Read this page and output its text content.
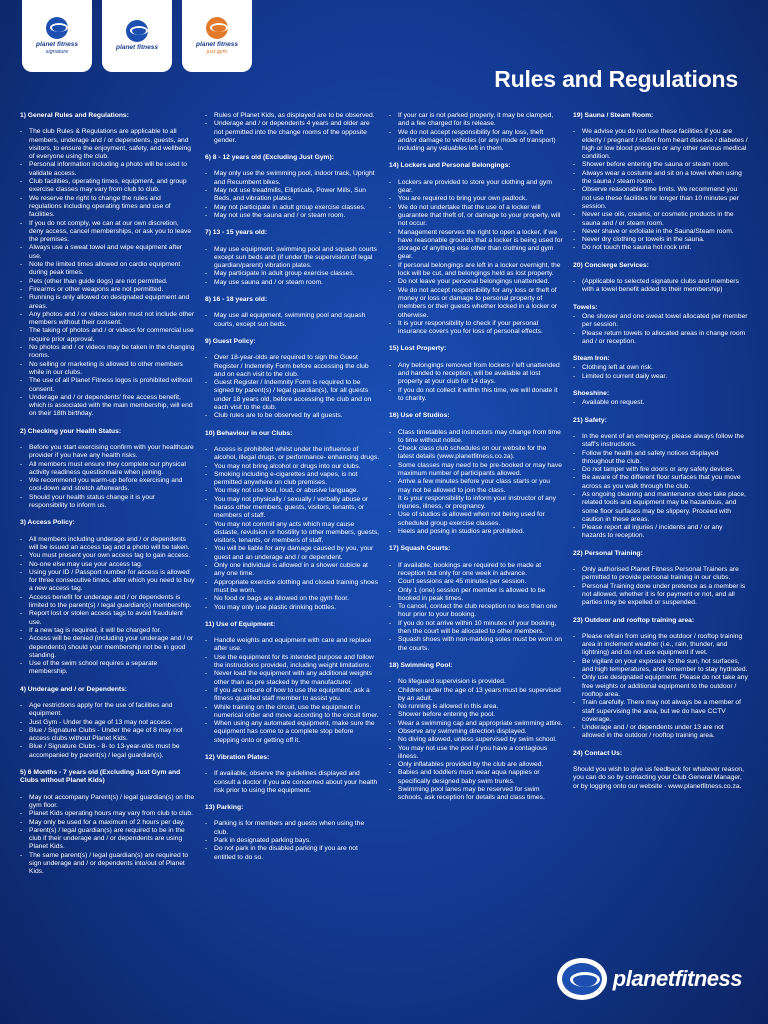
planet fitness
signature
planet fitness	planet fitness
just gym
Rules and Regulations
1) General Rules and Regulations:
- The club Rules & Regulations are applicable to all members, underage and / or dependents, guests, and visitors, to ensure the enjoyment, safety, and wellbeing of everyone using the club.
- Personal information including a photo will be used to validate access.
- Club facilities, operating times, equipment, and group exercise classes may vary from club to club.
- We reserve the right to change the rules and regulations including operating times and use of facilities.
- If you do not comply, we can at our own discretion, deny access, cancel memberships, or ask you to leave the premises.
- Always use a sweat towel and wipe equipment after use.
- Note the limited times allowed on cardio equipment during peak times.
- Pets (other than guide dogs) are not permitted.
- Firearms or other weapons are not permitted.
- Running is only allowed on designated equipment and areas.
- Any photos and / or videos taken must not include other members without their consent.
- The taking of photos and / or videos for commercial use require prior approval.
- No photos and / or videos may be taken in the changing rooms.
- No selling or marketing is allowed to other members while in our clubs.
- The use of all Planet Fitness logos is prohibited without consent.
- Underage and / or dependents' free access benefit, which is associated with the main membership, will end on their 18th birthday.
2) Checking your Health Status:
- Before you start exercising confirm with your healthcare provider if you have any health risks.
- All members must ensure they complete our physical activity readiness questionnaire when joining.
- We recommend you warm-up before exercising and cool-down and stretch afterwards.
- Should your health status change it is your responsibility to inform us.
3) Access Policy:
- All members including underage and / or dependents will be issued an access tag and a photo will be taken.
- You must present your own access tag to gain access.
- No-one else may use your access tag.
- Using your ID / Passport number for access is allowed for three consecutive times, after which you need to buy a new access tag.
- Access benefit for underage and / or dependents is limited to the parent(s) / legal guardian(s) membership.
- Report lost or stolen access tags to avoid fraudulent use.
- If a new tag is required, it will be charged for.
- Access will be denied (including your underage and / or dependents) should your membership not be in good standing.
- Use of the swim school requires a separate membership.
4) Underage and / or Dependents:
- Age restrictions apply for the use of facilities and equipment.
- Just Gym - Under the age of 13 may not access.
- Blue / Signature Clubs - Under the age of 8 may not access clubs without Planet Kids.
- Blue / Signature Clubs - 8- to 13-year-olds must be accompanied by parent(s) / legal guardian(s).
5) 6 Months - 7 years old (Excluding Just Gym and Clubs without Planet Kids)
- May not accompany Parent(s) / legal guardian(s) on the gym floor.
- Planet Kids operating hours may vary from club to club.
- May only be used for a maximum of 2 hours per day.
- Parent(s) / legal guardian(s) are required to be in the club if their underage and / or dependents are using Planet Kids.
- The same parent(s) / legal guardian(s) are required to sign underage and / or dependents into/out of Planet Kids.
- Rules of Planet Kids, as displayed are to be observed.
- Underage and / or dependents 4 years and older are not permitted into the change rooms of the opposite gender.
6) 8 - 12 years old (Excluding Just Gym):
- May only use the swimming pool, indoor track, Upright and Recumbent bikes.
- May not use treadmills, Ellipticals, Power Mills, Sun Beds, and vibration plates.
- May not participate in adult group exercise classes.
- May not use the sauna and / or steam room.
7) 13 - 15 years old:
- May use equipment, swimming pool and squash courts except sun beds and (if under the supervision of legal guardian/parent) vibration plates.
- May participate in adult group exercise classes.
- May use sauna and / or steam room.
8) 16 - 18 years old:
- May use all equipment, swimming pool and squash courts, except sun beds.
9) Guest Policy:
- Over 18-year-olds are required to sign the Guest Register / Indemnity Form before accessing the club and on each visit to the club.
- Guest Register / Indemnity Form is required to be signed by parent(s) / legal guardian(s), for all guests under 18 years old, before accessing the club and on each visit to the club.
- Club rules are to be observed by all guests.
10) Behaviour in our Clubs:
- Access is prohibited whilst under the influence of alcohol, illegal drugs, or performance- enhancing drugs.
- You may not bring alcohol or drugs into our clubs.
- Smoking including e-cigarettes and vapes, is not permitted anywhere on club premises.
- You may not use foul, loud, or abusive language.
- You may not physically / sexually / verbally abuse or harass other members, guests, visitors, tenants, or members of staff.
- You may not commit any acts which may cause distaste, revulsion or hostility to other members, guests, visitors, tenants, or members of staff.
- You will be liable for any damage caused by you, your guest and an underage and / or dependent.
- Only one individual is allowed in a shower cubicle at any one time.
- Appropriate exercise clothing and closed training shoes must be worn.
- No food or bags are allowed on the gym floor.
- You may only use plastic drinking bottles.
11) Use of Equipment:
- Handle weights and equipment with care and replace after use.
- Use the equipment for its intended purpose and follow the instructions provided, including weight limitations.
- Never load the equipment with any additional weights other than as pre stacked by the manufacturer.
- If you are unsure of how to use the equipment, ask a fitness qualified staff member to assist you.
- While training on the circuit, use the equipment in numerical order and move according to the circuit timer.
- When using any automated equipment, make sure the equipment has come to a complete stop before stepping onto or getting off it.
12) Vibration Plates:
- If available, observe the guidelines displayed and consult a doctor if you are concerned about your health risk prior to using the equipment.
13) Parking:
- Parking is for members and guests when using the club.
- Park in designated parking bays.
- Do not park in the disabled parking if you are not entitled to do so.
- If your car is not parked properly, it may be clamped, and a fee charged for its release.
- We do not accept responsibility for any loss, theft and/or damage to vehicles (or any mode of transport) including any valuables left in them.
14) Lockers and Personal Belongings:
- Lockers are provided to store your clothing and gym gear.
- You are required to bring your own padlock.
- We do not undertake that the use of a locker will guarantee that theft of, or damage to your property, will not occur.
- Management reserves the right to open a locker, if we have reasonable grounds that a locker is being used for storage of anything else other than clothing and gym gear.
- If personal belongings are left in a locker overnight, the lock will be cut, and belongings held as lost property.
- Do not leave your personal belongings unattended.
- We do not accept responsibility for any loss or theft of money or loss or damage to personal property of members or their guests whether locked in a locker or otherwise.
- It is your responsibility to check if your personal insurance covers you for loss of personal effects.
15) Lost Property:
- Any belongings removed from lockers / left unattended and handed to reception, will be available at lost property at your club for 14 days.
- If you do not collect it within this time, we will donate it to charity.
16) Use of Studios:
- Class timetables and instructors may change from time to time without notice.
- Check class club schedules on our website for the latest details (www.planetfitness.co.za).
- Some classes may need to be pre-booked or may have maximum number of participants allowed.
- Arrive a few minutes before your class starts or you may not be allowed to join the class.
- It is your responsibility to inform your instructor of any injuries, illness, or pregnancy.
- Use of studios is allowed when not being used for scheduled group exercise classes.
- Heels and posing in studios are prohibited.
17) Squash Courts:
- If available, bookings are required to be made at reception but only for one week in advance.
- Court sessions are 45 minutes per session.
- Only 1 (one) session per member is allowed to be booked in peak times.
- To cancel, contact the club reception no less than one hour prior to your booking.
- If you do not arrive within 10 minutes of your booking, then the court will be allocated to other members.
- Squash shoes with non-marking soles must be worn on the courts.
18) Swimming Pool:
- No lifeguard supervision is provided.
- Children under the age of 13 years must be supervised by an adult.
- No running is allowed in this area.
- Shower before entering the pool.
- Wear a swimming cap and appropriate swimming attire.
- Observe any swimming direction displayed.
- No diving allowed, unless supervised by swim school.
- You may not use the pool if you have a contagious illness.
- Only inflatables provided by the club are allowed.
- Babies and toddlers must wear aqua nappies or specifically designed baby swim trunks.
- Swimming pool lanes may be reserved for swim schools, ask reception for details and class times.
19) Sauna / Steam Room:
- We advise you do not use these facilities if you are elderly / pregnant / suffer from heart disease / diabetes / high or low blood pressure or any other serious medical condition.
- Shower before entering the sauna or steam room.
- Always wear a costume and sit on a towel when using the sauna / steam room.
- Observe reasonable time limits. We recommend you not use these facilities for longer than 10 minutes per session.
- Never use oils, creams, or cosmetic products in the sauna and / or steam room.
- Never shave or exfoliate in the Sauna/Steam room.
- Never dry clothing or towels in the sauna.
- Do not touch the sauna hot rock unit.
20) Concierge Services:
- (Applicable to selected signature clubs and members with a towel benefit added to their membership)
Towels:
- One shower and one sweat towel allocated per member per session.
- Please return towels to allocated areas in change room and / or reception.
Steam Iron:
- Clothing left at own risk.
- Limited to current daily wear.
Shoeshine:
- Available on request.
21) Safety:
- In the event of an emergency, please always follow the staff's instructions.
- Follow the health and safety notices displayed throughout the club.
- Do not tamper with fire doors or any safety devices.
- Be aware of the different floor surfaces that you move across as you walk through the club.
- As ongoing cleaning and maintenance does take place, related tools and equipment may be hazardous, and some floor surfaces may be slippery. Proceed with caution in these areas.
- Please report all injuries / incidents and / or any hazards to reception.
22) Personal Training:
- Only authorised Planet Fitness Personal Trainers are permitted to provide personal training in our clubs.
- Personal Training done under pretence as a member is not allowed, whether it is for payment or not, and all parties may be expelled or suspended.
23) Outdoor and rooftop training area:
- Please refrain from using the outdoor / rooftop training area in inclement weather (i.e., rain, thunder, and lightning) and do not use equipment if wet.
- Be vigilant on your exposure to the sun, hot surfaces, and high temperatures, and remember to stay hydrated.
- Only use designated equipment. Please do not take any free weights or additional equipment to the outdoor / rooftop area.
- Train carefully. There may not always be a member of staff supervising the area, but we do have CCTV coverage.
- Underage and / or dependents under 13 are not allowed in the outdoor / rooftop training area.
24) Contact Us:

Should you wish to give us feedback for whatever reason, you can do so by contacting your Club General Manager, or by logging onto our website - www.planetfitness.co.za.

planetfitness
